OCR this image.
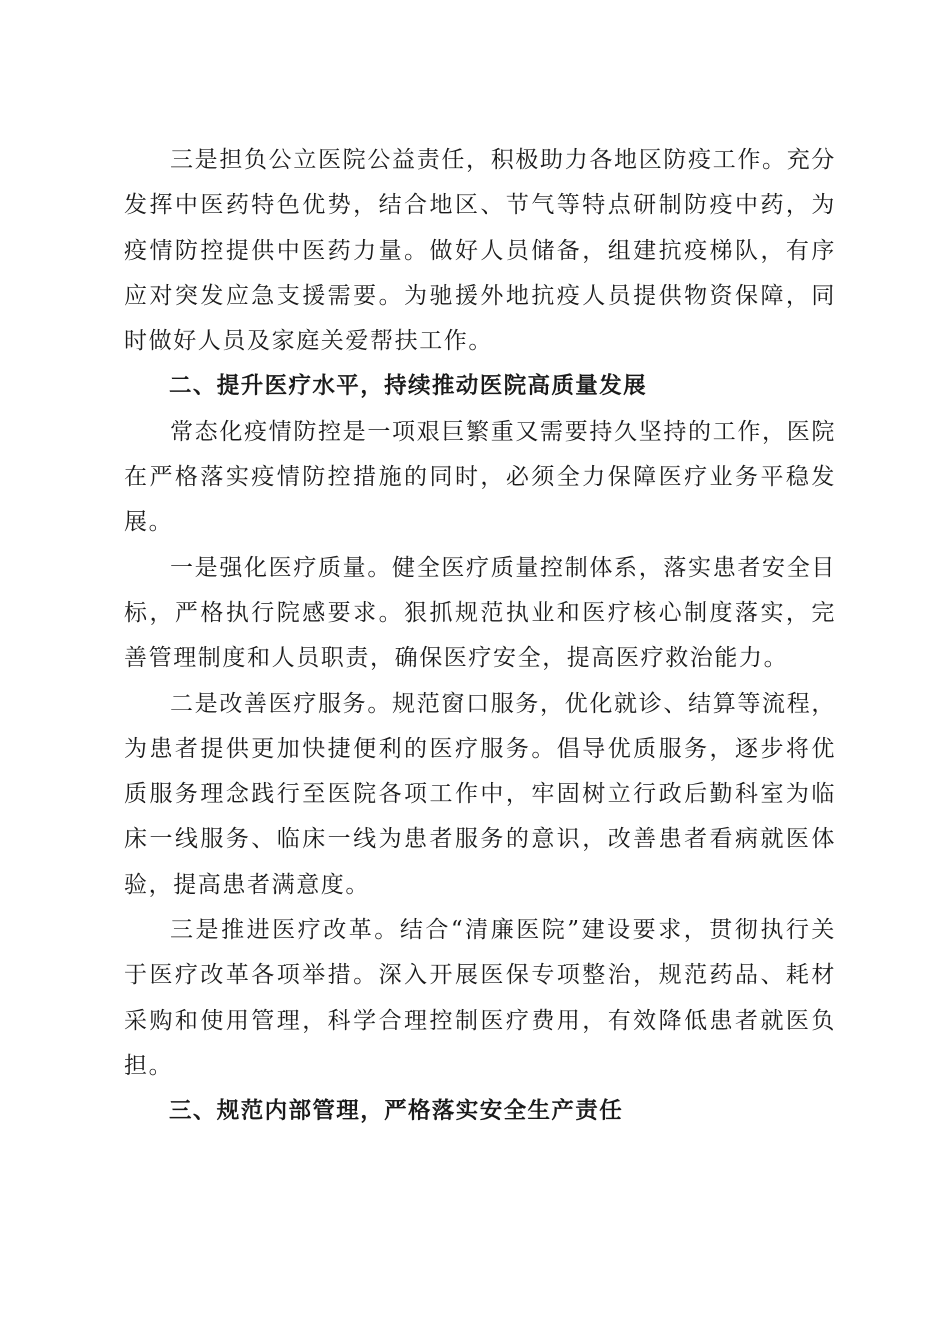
三是担负公立医院公益责任，积极助力各地区防疫工作。充分发挥中医药特色优势，结合地区、节气等特点研制防疫中药，为疫情防控提供中医药力量。做好人员储备，组建抗疫梯队，有序应对突发应急支援需要。为驰援外地抗疫人员提供物资保障，同时做好人员及家庭关爱帮扶工作。

二、提升医疗水平，持续推动医院高质量发展

常态化疫情防控是一项艰巨繁重又需要持久坚持的工作，医院在严格落实疫情防控措施的同时，必须全力保障医疗业务平稳发展。

一是强化医疗质量。健全医疗质量控制体系，落实患者安全目标，严格执行院感要求。狠抓规范执业和医疗核心制度落实，完善管理制度和人员职责，确保医疗安全，提高医疗救治能力。

二是改善医疗服务。规范窗口服务，优化就诊、结算等流程，为患者提供更加快捷便利的医疗服务。倡导优质服务，逐步将优质服务理念践行至医院各项工作中，牢固树立行政后勤科室为临床一线服务、临床一线为患者服务的意识，改善患者看病就医体验，提高患者满意度。

三是推进医疗改革。结合“清廉医院”建设要求，贯彻执行关于医疗改革各项举措。深入开展医保专项整治，规范药品、耗材采购和使用管理，科学合理控制医疗费用，有效降低患者就医负担。

三、规范内部管理，严格落实安全生产责任
